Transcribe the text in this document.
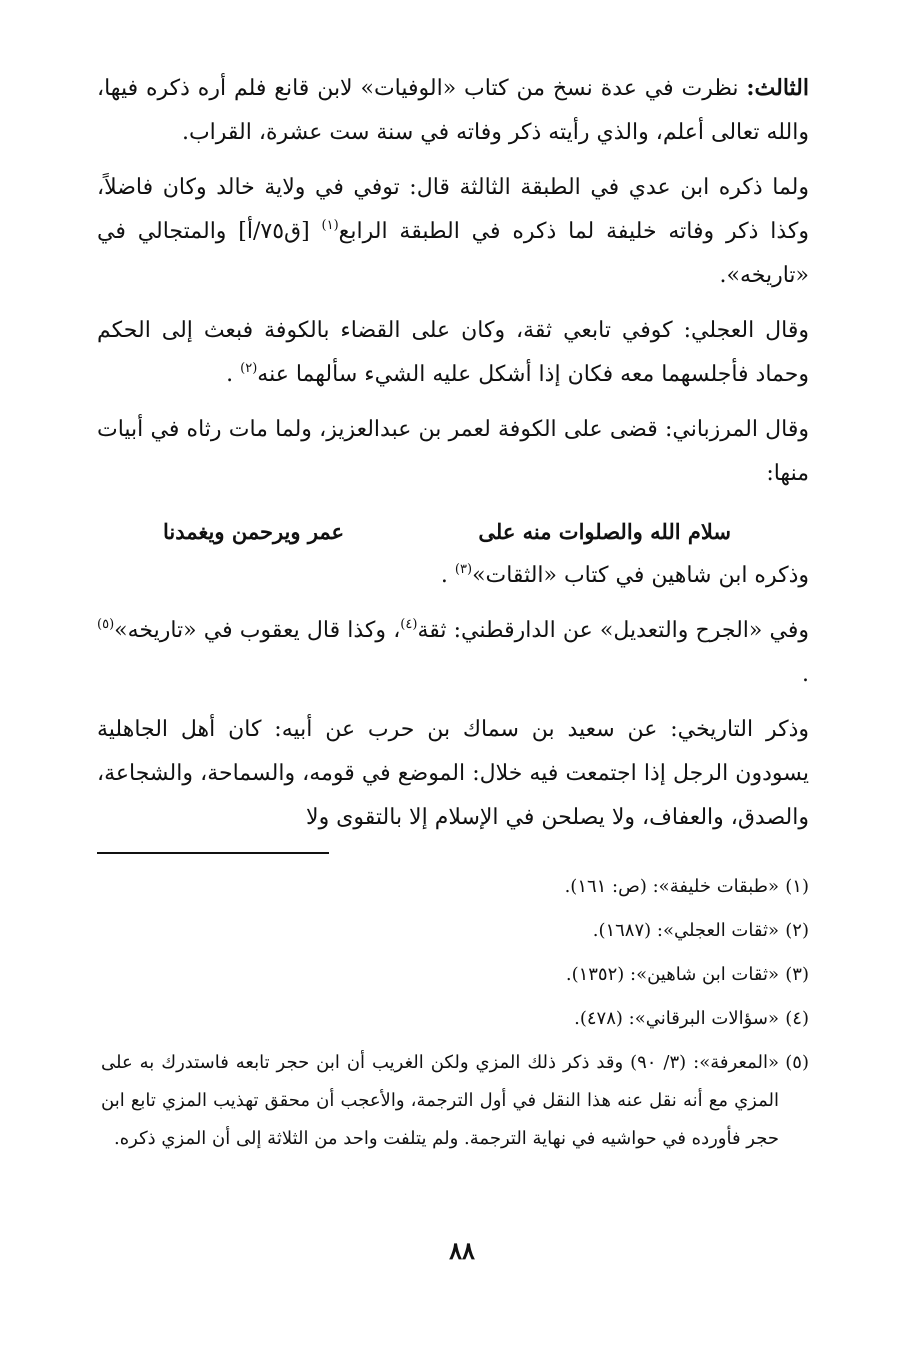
الثالث: نظرت في عدة نسخ من كتاب «الوفيات» لابن قانع فلم أره ذكره فيها، والله تعالى أعلم، والذي رأيته ذكر وفاته في سنة ست عشرة، القراب.

ولما ذكره ابن عدي في الطبقة الثالثة قال: توفي في ولاية خالد وكان فاضلاً، وكذا ذكر وفاته خليفة لما ذكره في الطبقة الرابع$^{(١)}$ [ق٧٥/أ] والمتجالي في «تاريخه».

وقال العجلي: كوفي تابعي ثقة، وكان على القضاء بالكوفة فبعث إلى الحكم وحماد فأجلسهما معه فكان إذا أشكل عليه الشيء سألهما عنه$^{(٢)}$ .

وقال المرزباني: قضى على الكوفة لعمر بن عبدالعزيز، ولما مات رثاه في أبيات منها:

سلام الله والصلوات منه على
عمر ويرحمن ويغمدنا

وذكره ابن شاهين في كتاب «الثقات»$^{(٣)}$ .

وفي «الجرح والتعديل» عن الدارقطني: ثقة$^{(٤)}$، وكذا قال يعقوب في «تاريخه»$^{(٥)}$ .

وذكر التاريخي: عن سعيد بن سماك بن حرب عن أبيه: كان أهل الجاهلية يسودون الرجل إذا اجتمعت فيه خلال: الموضع في قومه، والسماحة، والشجاعة، والصدق، والعفاف، ولا يصلحن في الإسلام إلا بالتقوى ولا

(١)
«طبقات خليفة»: (ص: ١٦١).
(٢)
«ثقات العجلي»: (١٦٨٧).
(٣)
«ثقات ابن شاهين»: (١٣٥٢).
(٤)
«سؤالات البرقاني»: (٤٧٨).
(٥)
«المعرفة»: (٣/ ٩٠) وقد ذكر ذلك المزي ولكن الغريب أن ابن حجر تابعه فاستدرك به على المزي مع أنه نقل عنه هذا النقل في أول الترجمة، والأعجب أن محقق تهذيب المزي تابع ابن حجر فأورده في حواشيه في نهاية الترجمة. ولم يتلفت واحد من الثلاثة إلى أن المزي ذكره.
٨٨
